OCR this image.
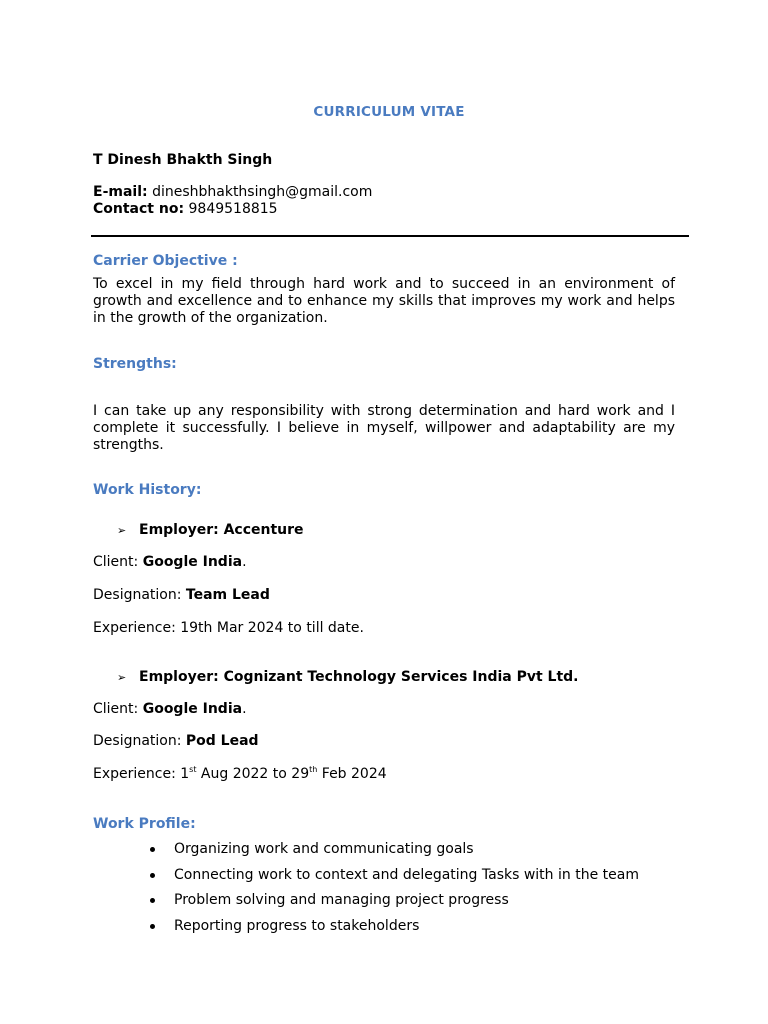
CURRICULUM VITAE
T Dinesh Bhakth Singh
E-mail: dineshbhakthsingh@gmail.com
Contact no: 9849518815
Carrier Objective :
To excel in my field through hard work and to succeed in an environment of growth and excellence and to enhance my skills that improves my work and helps in the growth of the organization.
Strengths:
I can take up any responsibility with strong determination and hard work and I complete it successfully. I believe in myself, willpower and adaptability are my strengths.
Work History:
➢ Employer: Accenture
Client: Google India.
Designation: Team Lead
Experience: 19th Mar 2024 to till date.
➢ Employer: Cognizant Technology Services India Pvt Ltd.
Client: Google India.
Designation: Pod Lead
Experience: 1st Aug 2022 to 29th Feb 2024
Work Profile:
Organizing work and communicating goals
Connecting work to context and delegating Tasks with in the team
Problem solving and managing project progress
Reporting progress to stakeholders
